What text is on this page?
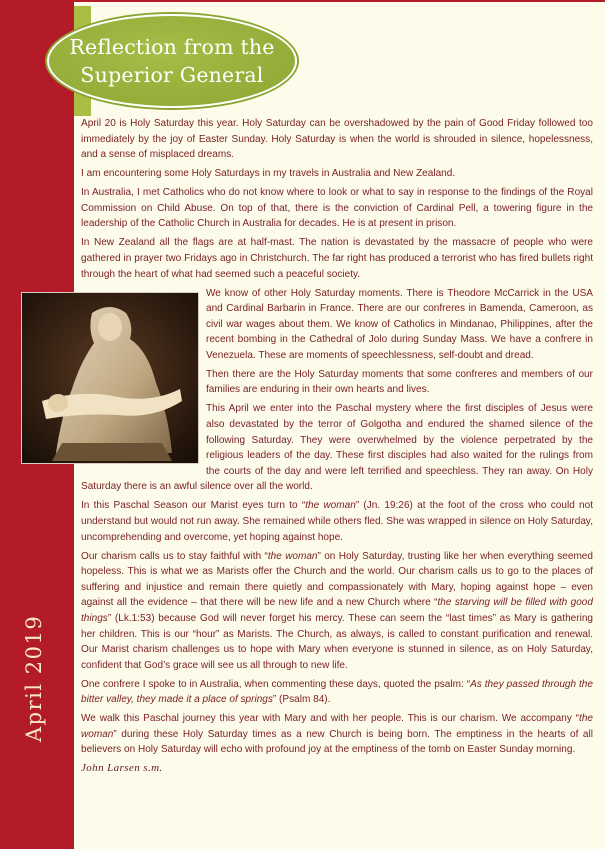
Reflection from the
Superior General
April 2019

April 20 is Holy Saturday this year. Holy Saturday can be overshadowed by the pain of Good Friday followed too immediately by the joy of Easter Sunday. Holy Saturday is when the world is shrouded in silence, hopelessness, and a sense of misplaced dreams.

I am encountering some Holy Saturdays in my travels in Australia and New Zealand.

In Australia, I met Catholics who do not know where to look or what to say in response to the findings of the Royal Commission on Child Abuse. On top of that, there is the conviction of Cardinal Pell, a towering figure in the leadership of the Catholic Church in Australia for decades. He is at present in prison.

In New Zealand all the flags are at half-mast. The nation is devastated by the massacre of people who were gathered in prayer two Fridays ago in Christchurch. The far right has produced a terrorist who has fired bullets right through the heart of what had seemed such a peaceful society.

We know of other Holy Saturday moments. There is Theodore McCarrick in the USA and Cardinal Barbarin in France. There are our confreres in Bamenda, Cameroon, as civil war wages about them. We know of Catholics in Mindanao, Philippines, after the recent bombing in the Cathedral of Jolo during Sunday Mass. We have a confrere in Venezuela. These are moments of speechlessness, self-doubt and dread.

Then there are the Holy Saturday moments that some confreres and members of our families are enduring in their own hearts and lives.

This April we enter into the Paschal mystery where the first disciples of Jesus were also devastated by the terror of Golgotha and endured the shamed silence of the following Saturday. They were overwhelmed by the violence perpetrated by the religious leaders of the day. These first disciples had also waited for the rulings from the courts of the day and were left terrified and speechless. They ran away. On Holy Saturday there is an awful silence over all the world.

In this Paschal Season our Marist eyes turn to “the woman” (Jn. 19:26) at the foot of the cross who could not understand but would not run away. She remained while others fled. She was wrapped in silence on Holy Saturday, uncomprehending and overcome, yet hoping against hope.

Our charism calls us to stay faithful with “the woman” on Holy Saturday, trusting like her when everything seemed hopeless. This is what we as Marists offer the Church and the world. Our charism calls us to go to the places of suffering and injustice and remain there quietly and compassionately with Mary, hoping against hope – even against all the evidence – that there will be new life and a new Church where “the starving will be filled with good things” (Lk.1:53) because God will never forget his mercy. These can seem the “last times” as Mary is gathering her children. This is our “hour” as Marists. The Church, as always, is called to constant purification and renewal. Our Marist charism challenges us to hope with Mary when everyone is stunned in silence, as on Holy Saturday, confident that God’s grace will see us all through to new life.

One confrere I spoke to in Australia, when commenting these days, quoted the psalm: “As they passed through the bitter valley, they made it a place of springs” (Psalm 84).

We walk this Paschal journey this year with Mary and with her people. This is our charism. We accompany “the woman” during these Holy Saturday times as a new Church is being born. The emptiness in the hearts of all believers on Holy Saturday will echo with profound joy at the emptiness of the tomb on Easter Sunday morning.

John Larsen s.m.
